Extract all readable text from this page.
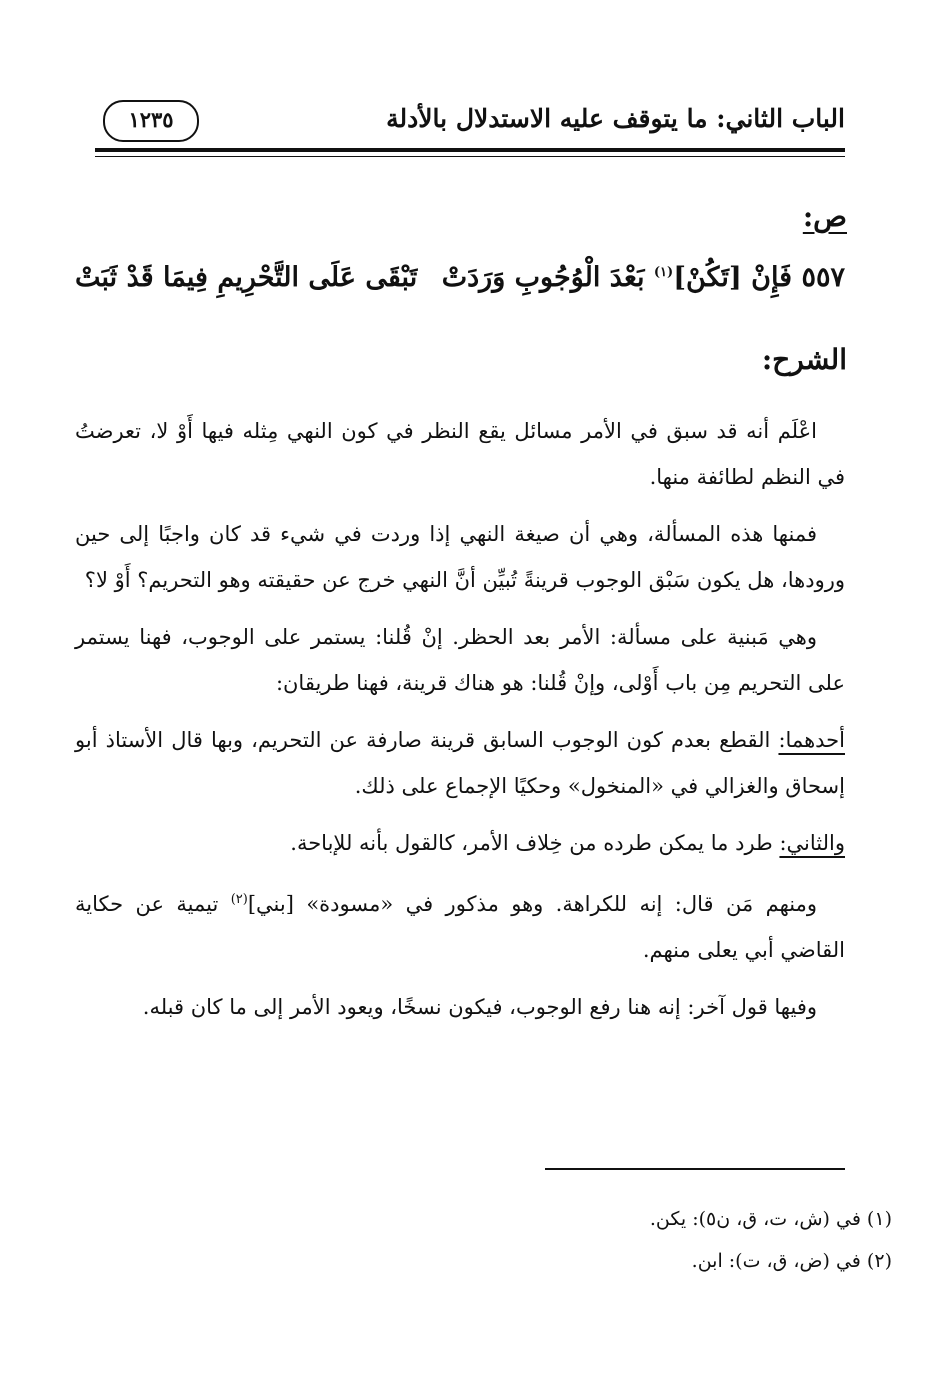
الباب الثاني: ما يتوقف عليه الاستدلال بالأدلة
١٢٣٥
ص:
٥٥٧ فَإِنْ [تَكُنْ]$^{(١)}$ بَعْدَ الْوُجُوبِ وَرَدَتْ
تَبْقَى عَلَى التَّحْرِيمِ فِيمَا قَدْ ثَبَتْ
الشرح:

اعْلَم أنه قد سبق في الأمر مسائل يقع النظر في كون النهي مِثله فيها أَوْ لا، تعرضتُ في النظم لطائفة منها.

فمنها هذه المسألة، وهي أن صيغة النهي إذا وردت في شيء قد كان واجبًا إلى حين ورودها، هل يكون سَبْق الوجوب قرينةً تُبيِّن أنَّ النهي خرج عن حقيقته وهو التحريم؟ أَوْ لا؟

وهي مَبنية على مسألة: الأمر بعد الحظر. إنْ قُلنا: يستمر على الوجوب، فهنا يستمر على التحريم مِن باب أَوْلى، وإنْ قُلنا: هو هناك قرينة، فهنا طريقان:

أحدهما: القطع بعدم كون الوجوب السابق قرينة صارفة عن التحريم، وبها قال الأستاذ أبو إسحاق والغزالي في «المنخول» وحكيًا الإجماع على ذلك.

والثاني: طرد ما يمكن طرده من خِلاف الأمر، كالقول بأنه للإباحة.

ومنهم مَن قال: إنه للكراهة. وهو مذكور في «مسودة» [بني]$^{(٢)}$ تيمية عن حكاية القاضي أبي يعلى منهم.

وفيها قول آخر: إنه هنا رفع الوجوب، فيكون نسخًا، ويعود الأمر إلى ما كان قبله.

(١) في (ش، ت، ق، ن٥): يكن.
(٢) في (ض، ق، ت): ابن.
